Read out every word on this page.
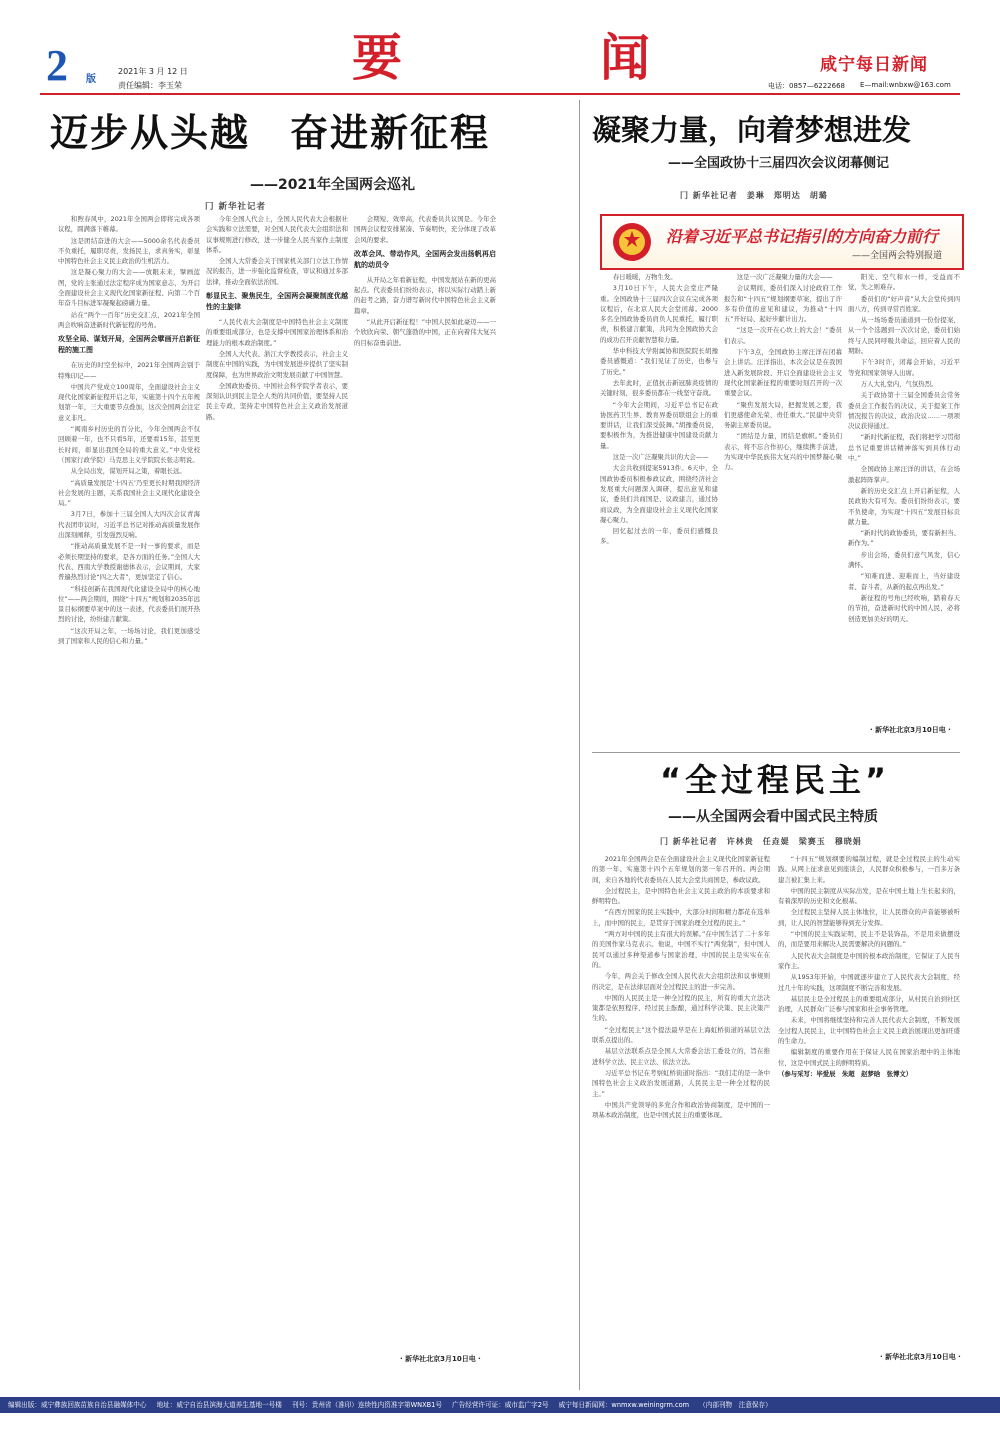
2 版
2021年 3 月 12 日
责任编辑：李玉荣	要	闻	咸宁每日新闻
电话：0857—6222668 E—mail:wnbxw@163.com
迈步从头越　奋进新征程
——2021年全国两会巡礼
冂 新华社记者

和煦春风中，2021年全国两会即将完成各项议程，圆满落下帷幕。

这是团结奋进的大会——5000余名代表委员不负重托，履职尽责，发扬民主，求真务实，彰显中国特色社会主义民主政治的生机活力。

这是凝心聚力的大会——放眼未来，擘画蓝图，党的主张通过法定程序成为国家意志，为开启全面建设社会主义现代化国家新征程、向第二个百年奋斗目标进军凝聚起磅礴力量。

站在“两个一百年”历史交汇点，2021年全国两会吹响奋进新时代新征程的号角。

攻坚全局、谋划开局，全国两会擘画开启新征程的施工图

在历史的时空坐标中，2021年全国两会别于特殊印记——

中国共产党成立100周年，全面建设社会主义现代化国家新征程开启之年，实施第十四个五年规划第一年，三大重要节点叠加，这次全国两会注定意义非凡。

“闽南乡村历史的百分比，今年全国两会不仅回顾着一年，也不只看5年，还要看15年，甚至更长时间，彰显出我国全局的重大意义。”中央党校（国家行政学院）马克思主义学院院长张志明说。

从全局出发，谋划开局之策，着眼长远。

“高质量发展是‘十四五’乃至更长时期我国经济社会发展的主题，关系我国社会主义现代化建设全局。”

3月7日，参加十三届全国人大四次会议青海代表团审议时，习近平总书记对推动高质量发展作出深刻阐释，引发强烈反响。

“推动高质量发展不是一时一事的要求，而是必须长期坚持的要求，是各方面的任务。”全国人大代表、西南大学教授谢德体表示，会议期间，大家普遍热烈讨论“四之大者”，更加坚定了信心。

“科技创新在我国现代化建设全局中的核心地位”——两会期间，围绕“十四五”规划和2035年远景目标纲要草案中的这一表述，代表委员们展开热烈的讨论，纷纷建言献策。

“这次开局之年，一场场讨论，我们更加感受到了国家和人民的信心和力量。”

今年全国人代会上，全国人民代表大会根据社会实践和立法需要，对全国人民代表大会组织法和议事规则进行修改，进一步健全人民当家作主制度体系。

全国人大常委会关于国家机关部门立法工作情况的报告，进一步强化监督检查，审议和通过多部法律，推动全面依法治国。

彰显民主、聚焦民生，全国两会凝聚制度优越性的主旋律

“人民代表大会制度是中国特色社会主义制度的重要组成部分，也是支撑中国国家治理体系和治理能力的根本政治制度。”

全国人大代表、浙江大学教授表示，社会主义制度在中国的实践，为中国发展进步提供了坚实制度保障，也为世界政治文明发展贡献了中国智慧。

全国政协委员、中国社会科学院学者表示，要深刻认识到民主是全人类的共同价值，要坚持人民民主专政，坚持走中国特色社会主义政治发展道路。

会期短、效率高，代表委员共议国是。今年全国两会议程安排紧凑、节奏明快，充分体现了改革会风的要求。

改革会风、带动作风，全国两会发出扬帆再启航的动员令

从开局之年看新征程，中国发展站在新的更高起点。代表委员们纷纷表示，将以实际行动踏上新的赶考之路，奋力谱写新时代中国特色社会主义新篇章。

“从此开启新征程！”中国人民如此豪迈——一个欣欣向荣、朝气蓬勃的中国，正在向着伟大复兴的目标奋勇前进。

· 新华社北京3月10日电 ·
凝聚力量，向着梦想进发
——全国政协十三届四次会议闭幕侧记
冂 新华社记者　姜琳　郑明达　胡璐
沿着习近平总书记指引的方向奋力前行
——全国两会特别报道

春日暖暖，万物生发。

3月10日下午，人民大会堂庄严隆重。全国政协十三届四次会议在完成各项议程后，在北京人民大会堂闭幕。2000多名全国政协委员肩负人民重托，履行职责，积极建言献策，共同为全国政协大会的成功召开贡献智慧和力量。

华中科技大学附属协和医院院长胡豫委员感慨道：“我们见证了历史，也参与了历史。”

去年此时，正值抗击新冠肺炎疫情的关键时刻，很多委员都在一线坚守奋战。

“今年大会期间，习近平总书记在政协医药卫生界、教育界委员联组会上的重要讲话，让我们深受鼓舞。”胡豫委员说，要积极作为，为推进健康中国建设贡献力量。

这是一次广泛凝聚共识的大会——

大会共收到提案5913件。6天中，全国政协委员积极参政议政，围绕经济社会发展重大问题深入调研，提出意见和建议，委员们共商国是、议政建言，通过协商议政，为全面建设社会主义现代化国家凝心聚力。

回忆起过去的一年，委员们感慨良多。

这是一次广泛凝聚力量的大会——

会议期间，委员们深入讨论政府工作报告和“十四五”规划纲要草案，提出了许多有价值的意见和建议，为推动“十四五”开好局、起好步献计出力。

“这是一次开在心坎上的大会！”委员们表示。

下午3点，全国政协主席汪洋在闭幕会上讲话。汪洋指出，本次会议是在我国进入新发展阶段、开启全面建设社会主义现代化国家新征程的重要时刻召开的一次重要会议。

“聚焦发展大局，把握发展之要，我们更感使命光荣、责任重大。”民建中央常务副主席委员说。

“团结是力量，团结是旗帜。”委员们表示，将不忘合作初心，继续携手前进，为实现中华民族伟大复兴的中国梦凝心聚力。

阳光、空气和水一样，受益而不觉，失之则难存。

委员们的“好声音”从大会堂传到四面八方，传到寻常百姓家。

从一场场委员通道到一份份提案，从一个个选题到一次次讨论，委员们始终与人民同呼吸共命运，回应着人民的期盼。

下午3时许，闭幕会开始，习近平等党和国家领导人出席。

万人大礼堂内，气氛热烈。

关于政协第十三届全国委员会常务委员会工作报告的决议、关于提案工作情况报告的决议、政治决议……一项项决议获得通过。

“新时代新征程，我们将把学习贯彻总书记重要讲话精神落实到具体行动中。”

全国政协主席汪洋的讲话，在会场激起阵阵掌声。

新的历史交汇点上开启新征程，人民政协大有可为。委员们纷纷表示，要不负使命，为实现“十四五”发展目标贡献力量。

“新时代的政协委员，要有新担当、新作为。”

步出会场，委员们意气风发，信心满怀。

“知难而进、迎难而上，当好建设者、奋斗者，从新的起点再出发。”

新征程的号角已经吹响，踏着春天的节拍，奋进新时代的中国人民，必将创造更加美好的明天。

· 新华社北京3月10日电 ·
“全过程民主”
——从全国两会看中国式民主特质
冂 新华社记者　许林贵　任垚媞　梁赛玉　穆晓娟

2021年全国两会是在全面建设社会主义现代化国家新征程的第一年、实施第十四个五年规划的第一年召开的。两会期间，来自各地的代表委员在人民大会堂共商国是，参政议政。

全过程民主，是中国特色社会主义民主政治的本质要求和鲜明特色。

“在西方国家的民主实践中，大部分时间和精力都花在选举上，而中国的民主，是贯穿于国家治理全过程的民主。”

“两方对中国的民主有很大的误解。”在中国生活了二十多年的美国作家马克表示。他说，中国不实行“两党制”，但中国人民可以通过多种渠道参与国家治理，中国的民主是实实在在的。

今年，两会关于修改全国人民代表大会组织法和议事规则的决定，是在法律层面对全过程民主的进一步完善。

中国的人民民主是一种全过程的民主，所有的重大立法决策都是依照程序、经过民主酝酿，通过科学决策、民主决策产生的。

“全过程民主”这个提法最早是在上海虹桥街道的基层立法联系点提出的。

基层立法联系点是全国人大常委会法工委设立的，旨在推进科学立法、民主立法、依法立法。

习近平总书记在考察虹桥街道时指出：“我们走的是一条中国特色社会主义政治发展道路，人民民主是一种全过程的民主。”

中国共产党领导的多党合作和政治协商制度，是中国的一项基本政治制度，也是中国式民主的重要体现。

“十四五”规划纲要的编制过程，就是全过程民主的生动实践。从网上征求意见到座谈会，人民群众积极参与，一百多万条建言被汇集上来。

中国的民主制度从实际出发，是在中国土地上生长起来的，有着深厚的历史和文化根基。

全过程民主坚持人民主体地位，让人民群众的声音能够被听到，让人民的智慧能够得到充分发挥。

“中国的民主实践证明，民主不是装饰品，不是用来做摆设的，而是要用来解决人民需要解决的问题的。”

人民代表大会制度是中国的根本政治制度，它保证了人民当家作主。

从1953年开始，中国就逐步建立了人民代表大会制度，经过几十年的实践，这项制度不断完善和发展。

基层民主是全过程民主的重要组成部分，从村民自治到社区治理，人民群众广泛参与国家和社会事务管理。

未来，中国将继续坚持和完善人民代表大会制度，不断发展全过程人民民主，让中国特色社会主义民主政治展现出更加旺盛的生命力。

编辑制度的重要作用在于保证人民在国家治理中的主体地位，这是中国式民主的鲜明特质。

（参与采写：毕爱辰　朱超　赵梦晗　张博文）

· 新华社北京3月10日电 ·
编辑出版：威宁彝族回族苗族自治县融媒体中心 地址：威宁自治县滨海大道养生基地一号楼 刊号：贵州省（准印）连续性内资准字第WNXB1号 广告经营许可证：威市监广字2号 威宁每日新闻网：wnmxw.weiningrm.com （内部刊物　注意保存）
